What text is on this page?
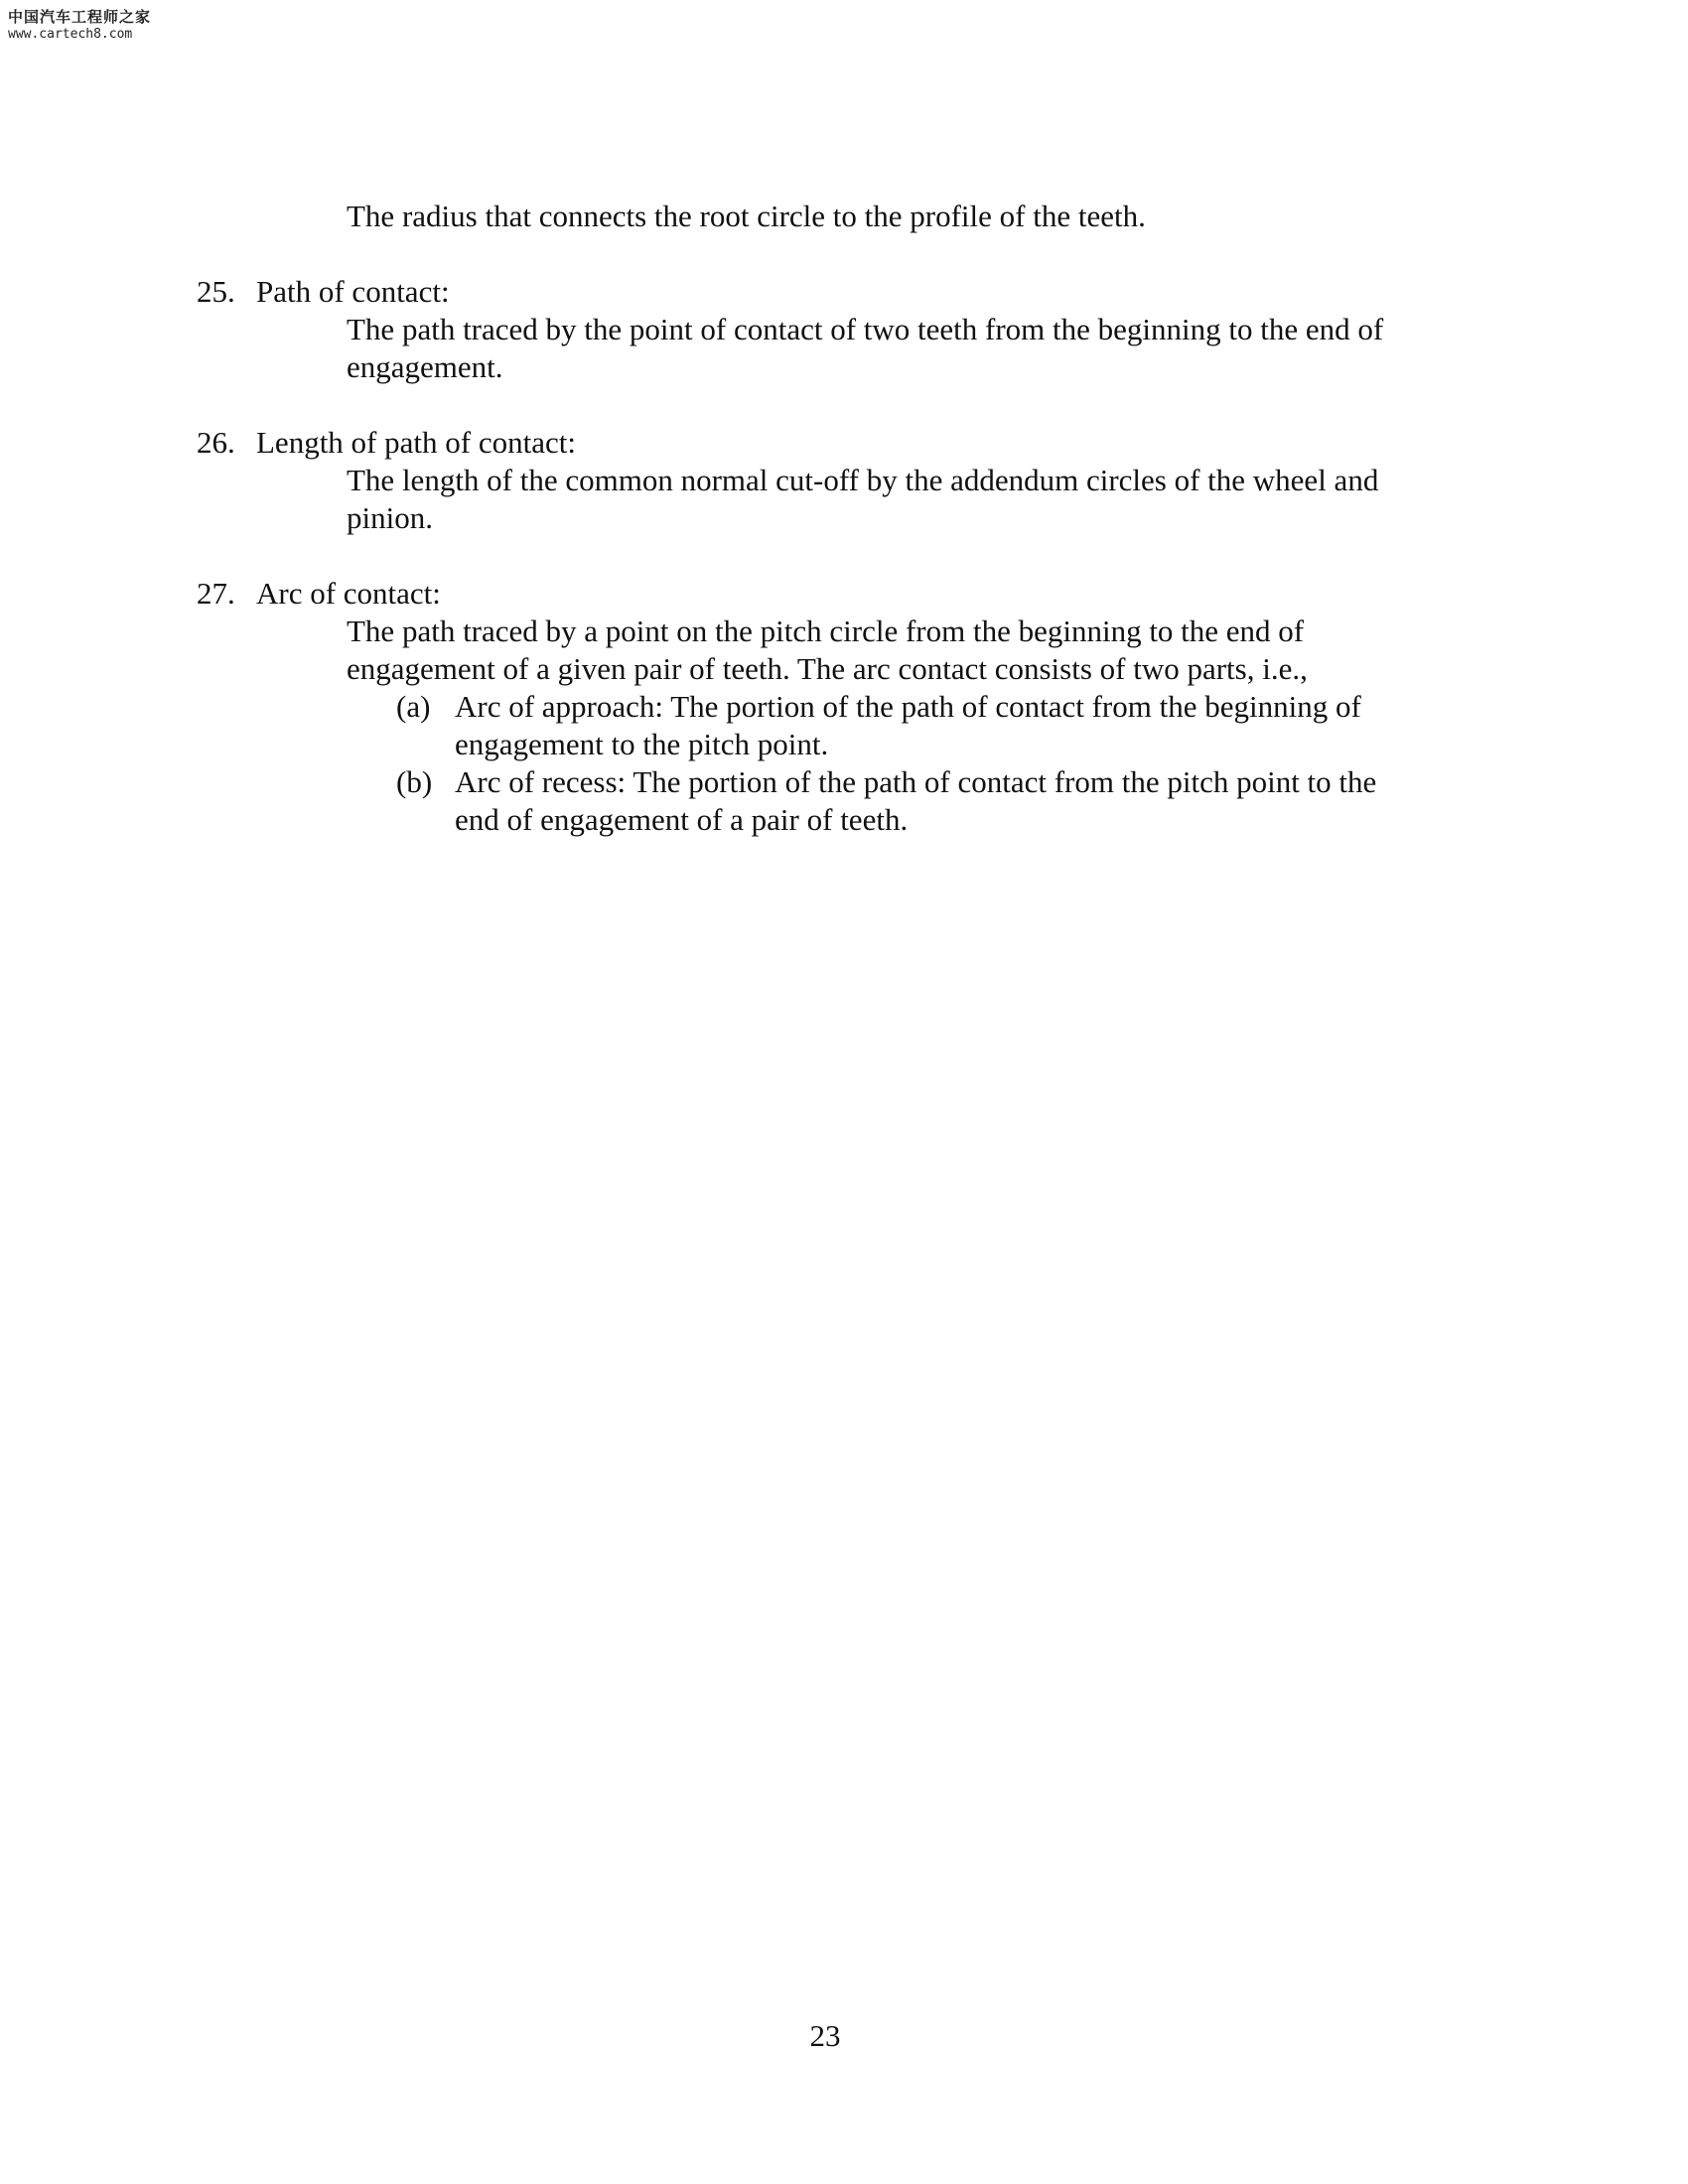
中国汽车工程师之家
www.cartech8.com
The radius that connects the root circle to the profile of the teeth.
25. Path of contact:
The path traced by the point of contact of two teeth from the beginning to the end of
engagement.
26. Length of path of contact:
The length of the common normal cut-off by the addendum circles of the wheel and
pinion.
27. Arc of contact:
The path traced by a point on the pitch circle from the beginning to the end of
engagement of a given pair of teeth. The arc contact consists of two parts, i.e.,
(a) Arc of approach: The portion of the path of contact from the beginning of
engagement to the pitch point.
(b) Arc of recess: The portion of the path of contact from the pitch point to the
end of engagement of a pair of teeth.
23
